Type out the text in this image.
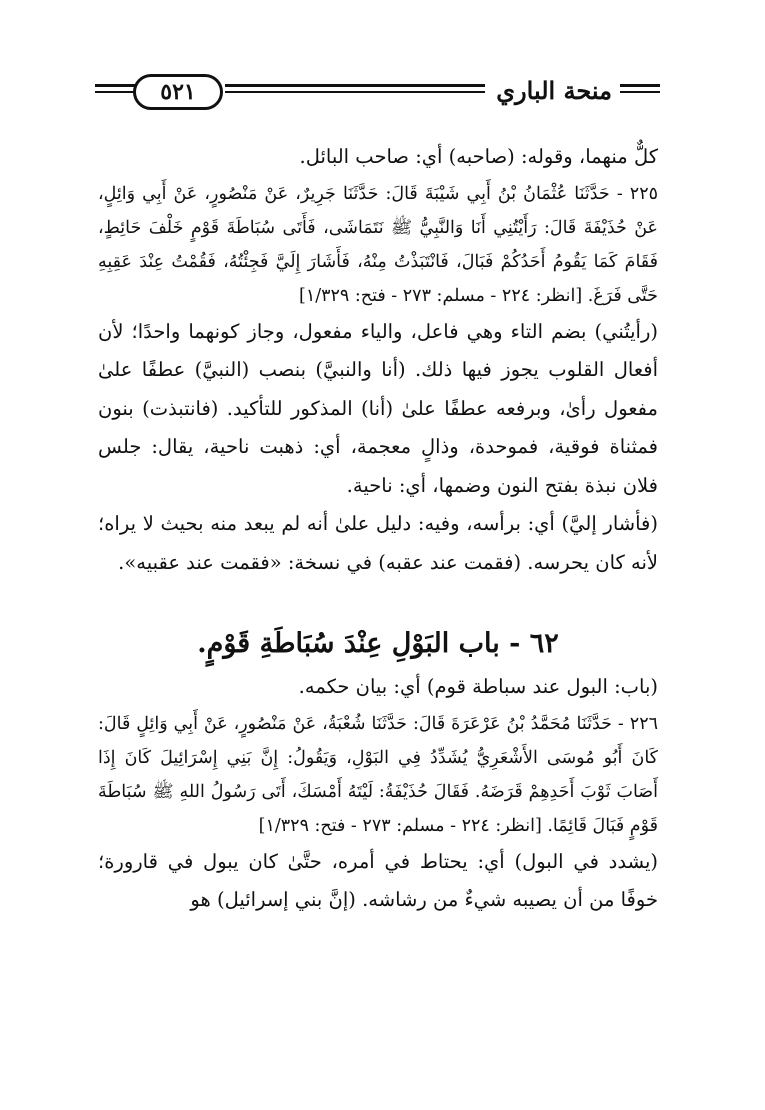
منحة الباري
٥٢١

كلٌّ منهما، وقوله: (صاحبه) أي: صاحب البائل.

٢٢٥ - حَدَّثَنَا عُثْمَانُ بْنُ أَبِي شَيْبَةَ قَالَ: حَدَّثَنَا جَرِيرٌ، عَنْ مَنْصُورٍ، عَنْ أَبِي وَائِلٍ، عَنْ حُذَيْفَةَ قَالَ: رَأَيْتُنِي أَنَا وَالنَّبِيُّ ﷺ نَتَمَاشَى، فَأَتَى سُبَاطَةَ قَوْمٍ خَلْفَ حَائِطٍ، فَقَامَ كَمَا يَقُومُ أَحَدُكُمْ فَبَالَ، فَانْتَبَذْتُ مِنْهُ، فَأَشَارَ إِلَيَّ فَجِئْتُهُ، فَقُمْتُ عِنْدَ عَقِبِهِ حَتَّى فَرَغَ. [انظر: ٢٢٤ - مسلم: ٢٧٣ - فتح: ١/٣٢٩]

(رأيتُني) بضم التاء وهي فاعل، والياء مفعول، وجاز كونهما واحدًا؛ لأن أفعال القلوب يجوز فيها ذلك. (أنا والنبيَّ) بنصب (النبيَّ) عطفًا علىٰ مفعول رأىٰ، وبرفعه عطفًا علىٰ (أنا) المذكور للتأكيد. (فانتبذت) بنون فمثناة فوقية، فموحدة، وذالٍ معجمة، أي: ذهبت ناحية، يقال: جلس فلان نبذة بفتح النون وضمها، أي: ناحية.

(فأشار إليَّ) أي: برأسه، وفيه: دليل علىٰ أنه لم يبعد منه بحيث لا يراه؛ لأنه كان يحرسه. (فقمت عند عقبه) في نسخة: «فقمت عند عقبيه».

٦٢ - باب البَوْلِ عِنْدَ سُبَاطَةِ قَوْمٍ.

(باب: البول عند سباطة قوم) أي: بيان حكمه.

٢٢٦ - حَدَّثَنَا مُحَمَّدُ بْنُ عَرْعَرَةَ قَالَ: حَدَّثَنَا شُعْبَةُ، عَنْ مَنْصُورٍ، عَنْ أَبِي وَائِلٍ قَالَ: كَانَ أَبُو مُوسَى الأَشْعَرِيُّ يُشَدِّدُ فِي البَوْلِ، وَيَقُولُ: إِنَّ بَنِي إِسْرَائِيلَ كَانَ إِذَا أَصَابَ ثَوْبَ أَحَدِهِمْ قَرَضَهُ. فَقَالَ حُذَيْفَةُ: لَيْتَهُ أَمْسَكَ، أَتَى رَسُولُ اللهِ ﷺ سُبَاطَةَ قَوْمٍ فَبَالَ قَائِمًا. [انظر: ٢٢٤ - مسلم: ٢٧٣ - فتح: ١/٣٢٩]

(يشدد في البول) أي: يحتاط في أمره، حتَّىٰ كان يبول في قارورة؛ خوفًا من أن يصيبه شيءٌ من رشاشه. (إنَّ بني إسرائيل) هو
